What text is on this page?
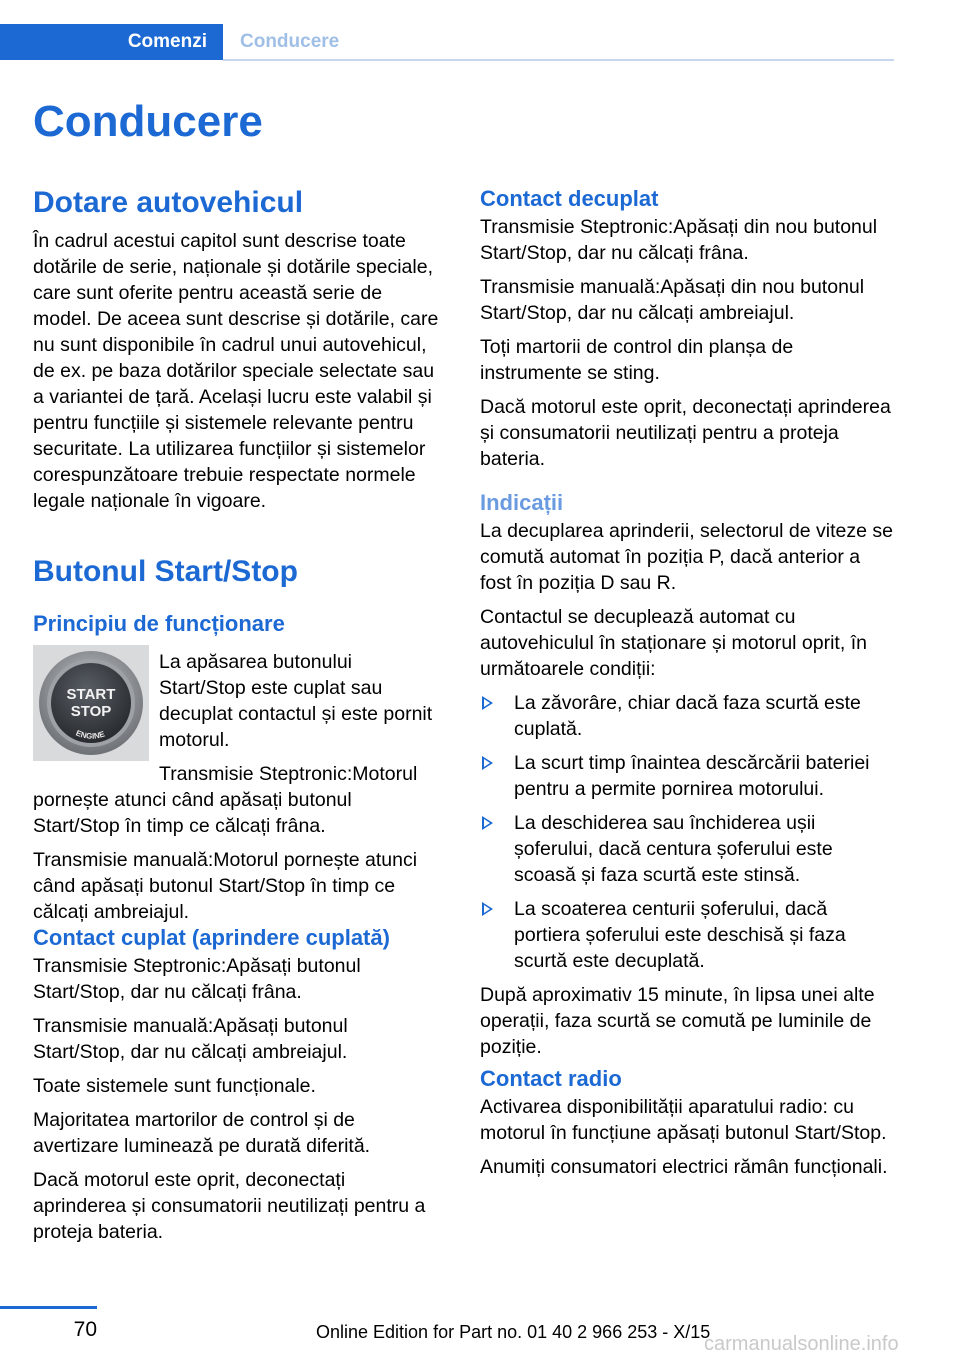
Comenzi	Conducere
Conducere
Dotare autovehicul

În cadrul acestui capitol sunt descrise toate dotările de serie, naționale și dotările speciale, care sunt oferite pentru această serie de model. De aceea sunt descrise și dotările, care nu sunt disponibile în cadrul unui autovehicul, de ex. pe baza dotărilor speciale selectate sau a variantei de țară. Același lucru este valabil și pentru funcțiile și sistemele relevante pentru securitate. La utilizarea funcțiilor și sistemelor corespunzătoare trebuie respectate normele legale naționale în vigoare.

Butonul Start/Stop
Principiu de funcționare
START
STOP
ENGINE

La apăsarea butonului Start/Stop este cuplat sau decuplat contactul și este pornit motorul.

Transmisie Steptronic:Motorul pornește atunci când apăsați butonul Start/Stop în timp ce călcați frâna.

Transmisie manuală:Motorul pornește atunci când apăsați butonul Start/Stop în timp ce călcați ambreiajul.

Contact cuplat (aprindere cuplată)

Transmisie Steptronic:Apăsați butonul Start/Stop, dar nu călcați frâna.

Transmisie manuală:Apăsați butonul Start/Stop, dar nu călcați ambreiajul.

Toate sistemele sunt funcționale.

Majoritatea martorilor de control și de avertizare luminează pe durată diferită.

Dacă motorul este oprit, deconectați aprinderea și consumatorii neutilizați pentru a proteja bateria.

Contact decuplat

Transmisie Steptronic:Apăsați din nou butonul Start/Stop, dar nu călcați frâna.

Transmisie manuală:Apăsați din nou butonul Start/Stop, dar nu călcați ambreiajul.

Toți martorii de control din planșa de instrumente se sting.

Dacă motorul este oprit, deconectați aprinderea și consumatorii neutilizați pentru a proteja bateria.

Indicații

La decuplarea aprinderii, selectorul de viteze se comută automat în poziția P, dacă anterior a fost în poziția D sau R.

Contactul se decuplează automat cu autovehiculul în staționare și motorul oprit, în următoarele condiții:

La zăvorâre, chiar dacă faza scurtă este cuplată.
La scurt timp înaintea descărcării bateriei pentru a permite pornirea motorului.
La deschiderea sau închiderea ușii șoferului, dacă centura șoferului este scoasă și faza scurtă este stinsă.
La scoaterea centurii șoferului, dacă portiera șoferului este deschisă și faza scurtă este decuplată.

După aproximativ 15 minute, în lipsa unei alte operații, faza scurtă se comută pe luminile de poziție.

Contact radio

Activarea disponibilității aparatului radio: cu motorul în funcțiune apăsați butonul Start/Stop.

Anumiți consumatori electrici rămân funcționali.

70	Online Edition for Part no. 01 40 2 966 253 - X/15
carmanualsonline.info
